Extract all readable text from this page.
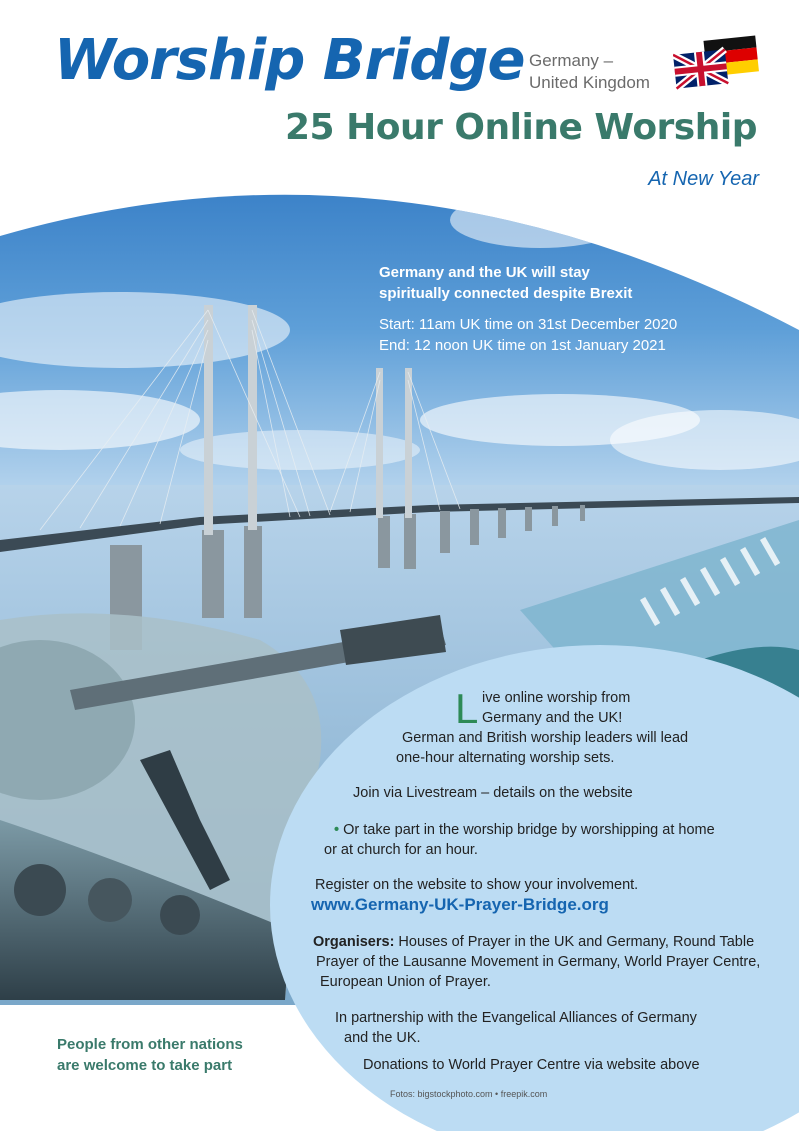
Worship Bridge Germany –
United Kingdom
25 Hour Online Worship
At New Year
Germany and the UK will stay
spiritually connected despite Brexit
Start: 11am UK time on 31st December 2020
End: 12 noon UK time on 1st January 2021
L ive online worship from
Germany and the UK!
German and British worship leaders will lead
one-hour alternating worship sets.
Join via Livestream – details on the website
• Or take part in the worship bridge by worshipping at home
or at church for an hour.
Register on the website to show your involvement.
www.Germany-UK-Prayer-Bridge.org
Organisers: Houses of Prayer in the UK and Germany, Round Table
Prayer of the Lausanne Movement in Germany, World Prayer Centre,
European Union of Prayer.
In partnership with the Evangelical Alliances of Germany
and the UK.
Donations to World Prayer Centre via website above
Fotos: bigstockphoto.com • freepik.com
People from other nations
are welcome to take part
